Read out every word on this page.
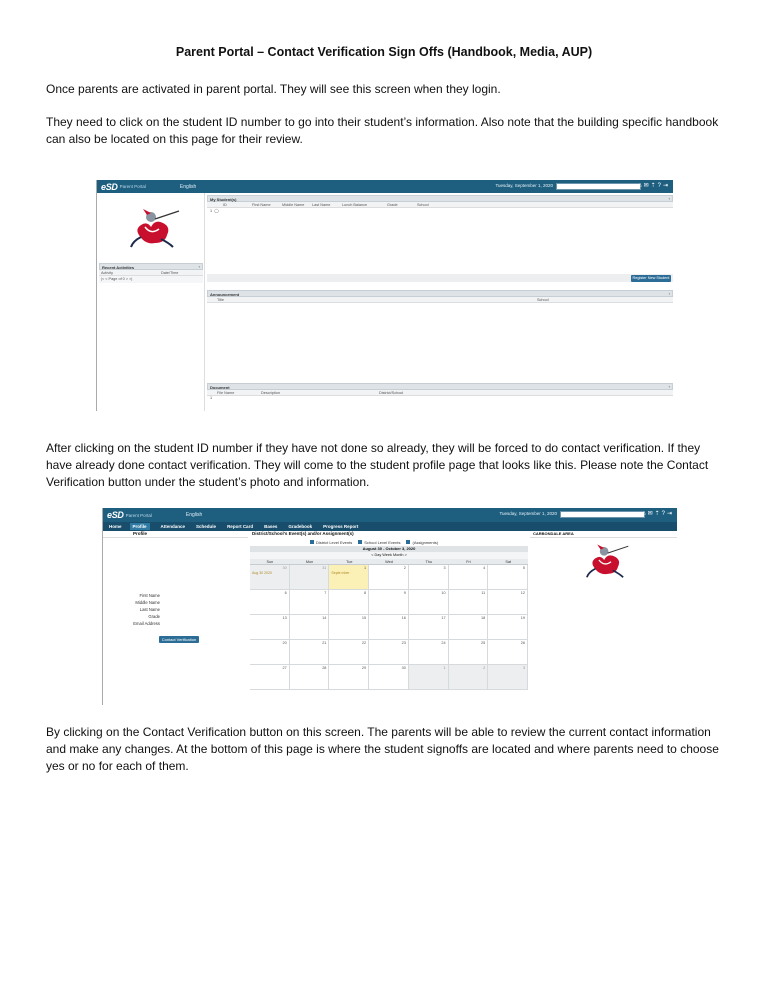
Parent Portal – Contact Verification Sign Offs (Handbook, Media, AUP)
Once parents are activated in parent portal. They will see this screen when they login.
They need to click on the student ID number to go into their student’s information. Also note that the building specific handbook can also be located on this page for their review.
eSD Parent Portal	English	Tuesday, September 1, 2020	⌂✉⇡?⇥
Recent Activities	‹
Activity	Date/Time
|< < Page of 0 > >|
My Student(s)	‹
ID	First Name	Middle Name	Last Name	Lunch Balance	Grade	School
1  ◯
Register New Student
Announcement	‹
Title	School
Document	‹
File Name	Description	District/School
1
After clicking on the student ID number if they have not done so already, they will be forced to do contact verification. If they have already done contact verification. They will come to the student profile page that looks like this. Please note the Contact Verification button under the student’s photo and information.
eSD Parent Portal	English	Tuesday, September 1, 2020	⌂✉⇡?⇥
Home	Profile	Attendance Schedule Report Card Bases Gradebook Progress Report
Profile
First Name
Middle Name
Last Name
Grade
Email Address
Contact Verification
District/School's Event(s) and/or Assignment(s)
District Level Events	School Level Events	(Assignments)
August 30 - October 3, 2020
< Day Week Month >
Sun	Mon	Tue	Wed	Thu	Fri	Sat
30
Aug 30 2020
31	1
Septe mber
2	3	4	5
6	7	8	9	10	11	12
13	14	15	16	17	18	19
20	21	22	23	24	25	26
27	28	29	30	1	2	3
CARBONDALE AREA
By clicking on the Contact Verification button on this screen. The parents will be able to review the current contact information and make any changes. At the bottom of this page is where the student signoffs are located and where parents need to choose yes or no for each of them.
